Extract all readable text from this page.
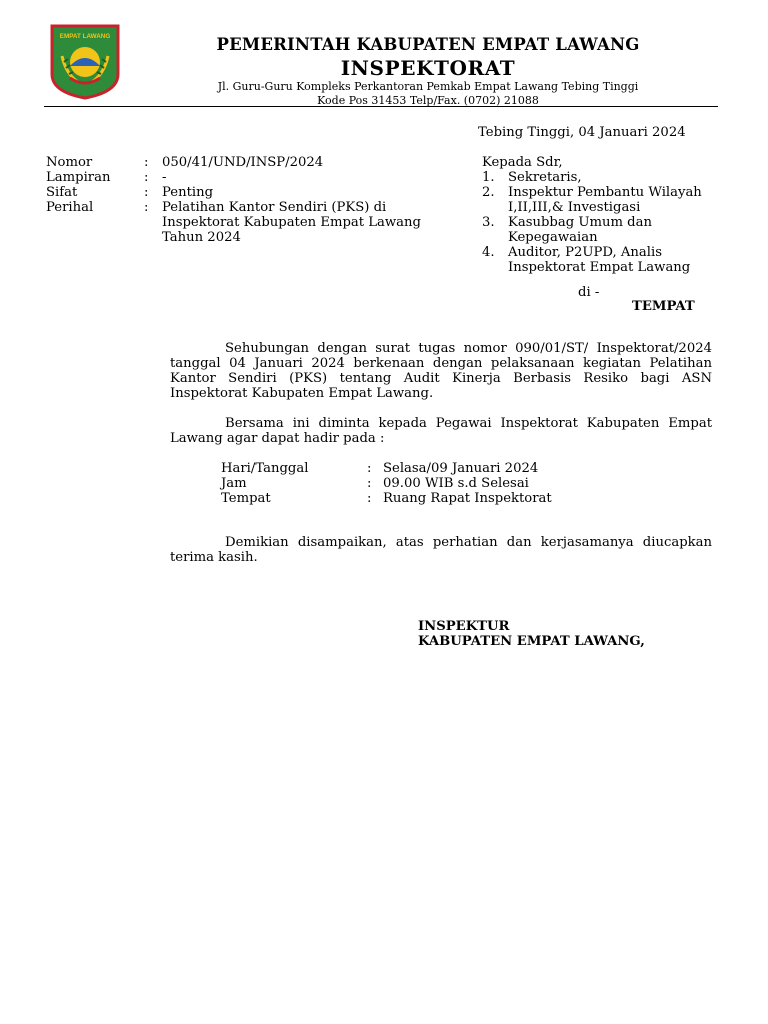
EMPAT LAWANG	PEMERINTAH KABUPATEN EMPAT LAWANG
INSPEKTORAT
Jl. Guru-Guru Kompleks Perkantoran Pemkab Empat Lawang Tebing Tinggi
Kode Pos 31453 Telp/Fax. (0702) 21088
Tebing Tinggi, 04 Januari 2024
Nomor	:	050/41/UND/INSP/2024
Lampiran	:	-
Sifat	:	Penting
Perihal	:	Pelatihan Kantor Sendiri (PKS) di Inspektorat Kabupaten Empat Lawang Tahun 2024
Kepada Sdr,
1.	Sekretaris,
2.	Inspektur Pembantu Wilayah I,II,III,& Investigasi
3.	Kasubbag Umum dan Kepegawaian
4.	Auditor, P2UPD, Analis Inspektorat Empat Lawang
di -
TEMPAT

Sehubungan dengan surat tugas nomor 090/01/ST/ Inspektorat/2024 tanggal 04 Januari 2024 berkenaan dengan pelaksanaan kegiatan Pelatihan Kantor Sendiri (PKS) tentang Audit Kinerja Berbasis Resiko bagi ASN Inspektorat Kabupaten Empat Lawang.

Bersama ini diminta kepada Pegawai Inspektorat Kabupaten Empat Lawang agar dapat hadir pada :

Hari/Tanggal	: Selasa/09 Januari 2024
Jam	: 09.00 WIB s.d Selesai
Tempat	: Ruang Rapat Inspektorat

Demikian disampaikan, atas perhatian dan kerjasamanya diucapkan terima kasih.

INSPEKTUR
KABUPATEN EMPAT LAWANG,
